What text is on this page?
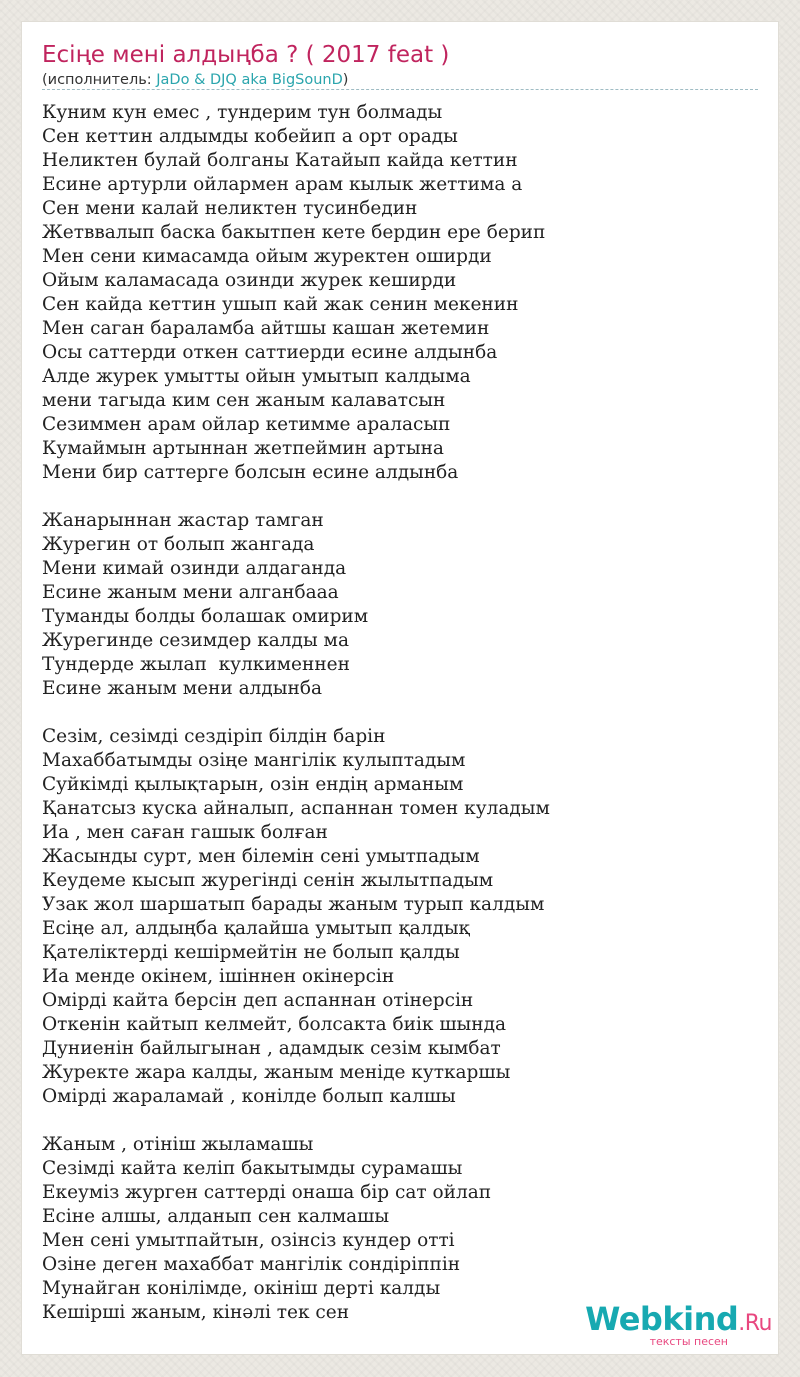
Есіңе мені алдыңба ? ( 2017 feat )
(исполнитель: JaDo & DJQ aka BigSounD)
Куним кун емес , тундерим тун болмады
Сен кеттин алдымды кобейип а орт орады
Неликтен булай болганы Катайып кайда кеттин
Есине артурли ойлармен арам кылык жеттима а
Сен мени калай неликтен тусинбедин
Жетввалып баска бакытпен кете бердин ере берип
Мен сени кимасамда ойым журектен оширди
Ойым каламасада озинди журек кеширди
Сен кайда кеттин ушып кай жак сенин мекенин
Мен саган бараламба айтшы кашан жетемин
Осы саттерди откен саттиерди есине алдынба
Алде журек умытты ойын умытып калдыма
мени тагыда ким сен жаным калаватсын
Сезиммен арам ойлар кетимме араласып
Кумаймын артыннан жетпеймин артына
Мени бир саттерге болсын есине алдынба
Жанарыннан жастар тамган
Журегин от болып жангада
Мени кимай озинди алдаганда
Есине жаным мени алганбааа
Туманды болды болашак омирим
Журегинде сезимдер калды ма
Тундерде жылап  кулкименнен
Есине жаным мени алдынба
Сезім, сезімді сездіріп білдін барін
Махаббатымды озіңе мангілік кулыптадым
Суйкімді қылықтарын, озін ендің арманым
Қанатсыз куска айналып, аспаннан томен куладым
Иа , мен саған гашык болған
Жасынды сурт, мен білемін сені умытпадым
Кеудеме кысып журегінді сенін жылытпадым
Узак жол шаршатып барады жаным турып калдым
Есіңе ал, алдыңба қалайша умытып қалдық
Қателіктерді кешірмейтін не болып қалды
Иа менде окінем, ішіннен окінерсін
Омірді кайта берсін деп аспаннан отінерсін
Откенін кайтып келмейт, болсакта биік шында
Дуниенін байлыгынан , адамдык сезім кымбат
Журекте жара калды, жаным меніде куткаршы
Омірді жараламай , конілде болып калшы
Жаным , отініш жыламашы
Сезімді кайта келіп бакытымды сурамашы
Екеуміз журген саттерді онаша бір сат ойлап
Есіне алшы, алданып сен калмашы
Мен сені умытпайтын, озінсіз кундер отті
Озіне деген махаббат мангілік сондіріппін
Мунайган конілімде, окініш дерті калды
Кешірші жаным, кінәлі тек сен	Webkind.Ru
тексты песен
